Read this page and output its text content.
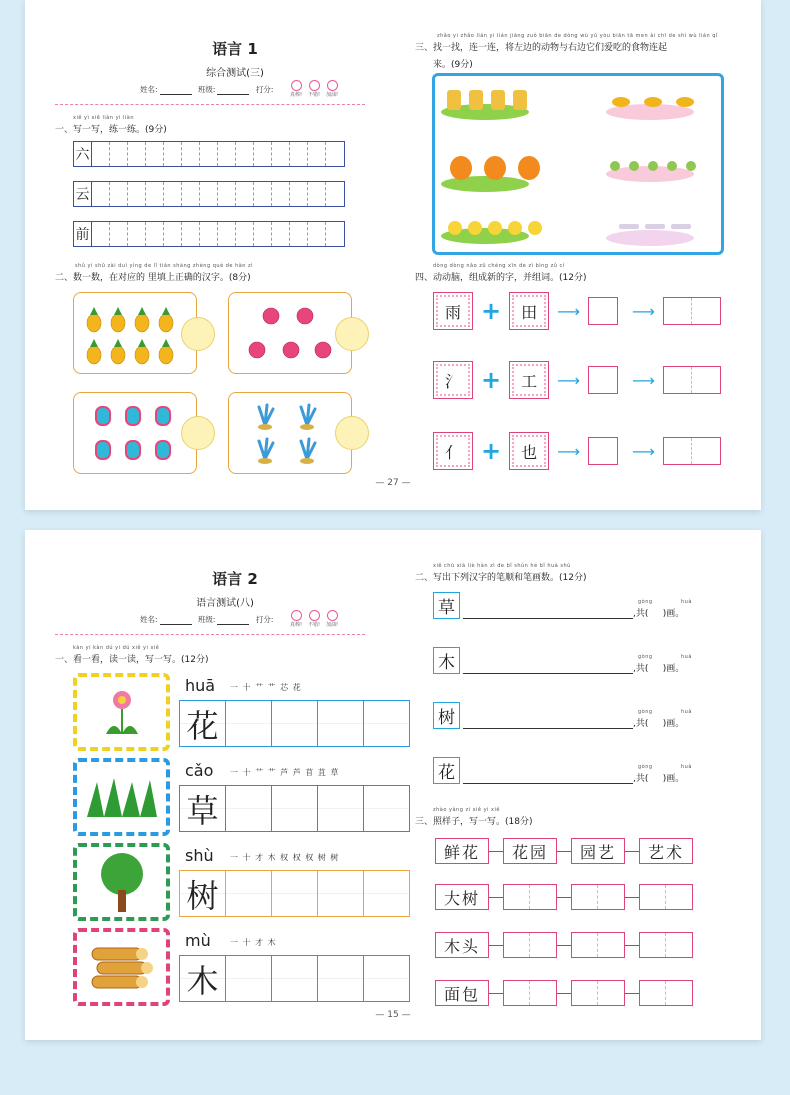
语言 1
综合测试(三)
姓名:	班级:	打分:
真棒! 不错! 加油!
xiě yì xiě liàn yi liàn
一、写一写，练一练。(9分)
六
云
前
shǔ yi shǔ zài duì yìng de lǐ tián shàng zhèng què de hàn zì
二、数一数，在对应的 里填上正确的汉字。(8分)
zhǎo yi zhǎo lián yi lián jiāng zuǒ biān de dòng wù yǔ yòu biān tā men ài chī de shí wù lián qǐ
三、找一找，连一连，将左边的动物与右边它们爱吃的食物连起
来。(9分)
dòng dòng nǎo zǔ chéng xīn de zì bìng zǔ cí
四、动动脑，组成新的字，并组词。(12分)
雨 +	田	⟶	⟶
氵 +	工	⟶	⟶
亻 +	也	⟶	⟶
— 27 —
语言 2
语言测试(八)
姓名:	班级:	打分:
真棒! 不错! 加油!
kàn yi kàn dú yi dú xiě yi xiě
一、看一看，读一读，写一写。(12分)
huā 一 十 艹 艹 芯 花
花
cǎo 一 十 艹 艹 芦 芦 苜 苴 草
草
shù 一 十 才 木 权 权 权 树 树
树
mù 一 十 才 木
木
xiě chū xià liè hàn zì de bǐ shùn hé bǐ huà shù
二、写出下列汉字的笔顺和笔画数。(12分)
草	gòng	huà
,共( )画。
木	gòng	huà
,共( )画。
树	gòng	huà
,共( )画。
花	gòng	huà
,共( )画。
zhào yàng zi xiě yi xiě
三、照样子，写一写。(18分)
鲜花	花园	园艺	艺术
大树
木头
面包
— 15 —
